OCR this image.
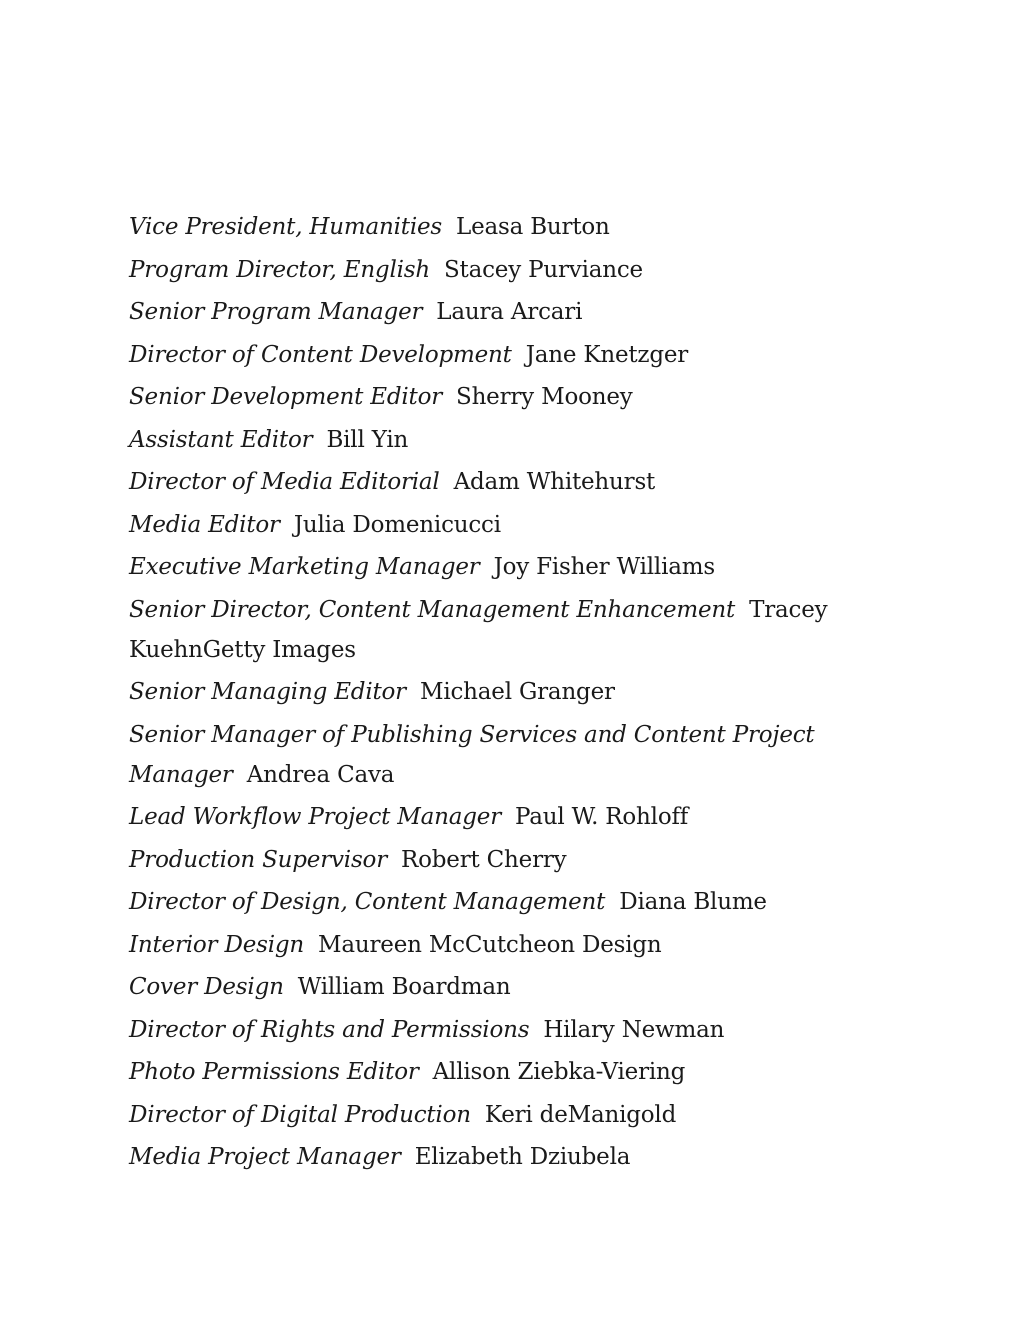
Vice President, Humanities Leasa Burton
Program Director, English Stacey Purviance
Senior Program Manager Laura Arcari
Director of Content Development Jane Knetzger
Senior Development Editor Sherry Mooney
Assistant Editor Bill Yin
Director of Media Editorial Adam Whitehurst
Media Editor Julia Domenicucci
Executive Marketing Manager Joy Fisher Williams
Senior Director, Content Management Enhancement Tracey KuehnGetty Images
Senior Managing Editor Michael Granger
Senior Manager of Publishing Services and Content Project Manager Andrea Cava
Lead Workflow Project Manager Paul W. Rohloff
Production Supervisor Robert Cherry
Director of Design, Content Management Diana Blume
Interior Design Maureen McCutcheon Design
Cover Design William Boardman
Director of Rights and Permissions Hilary Newman
Photo Permissions Editor Allison Ziebka-Viering
Director of Digital Production Keri deManigold
Media Project Manager Elizabeth Dziubela
